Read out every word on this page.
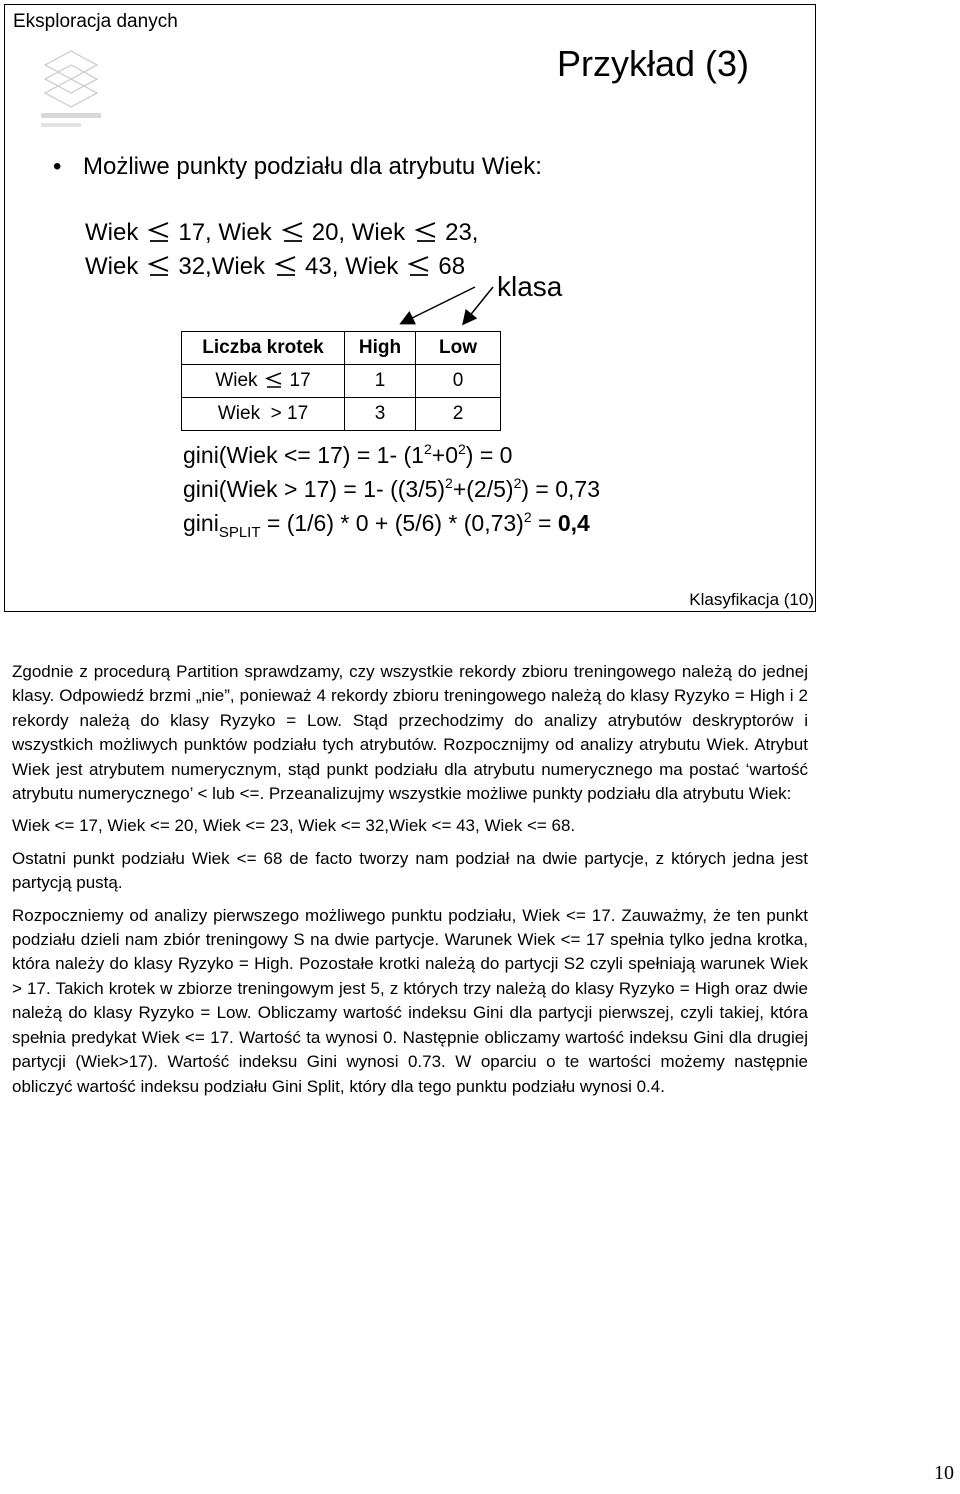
Eksploracja danych
Przykład (3)
• Możliwe punkty podziału dla atrybutu Wiek:
Wiek 17, Wiek 20, Wiek 23,
Wiek 32,Wiek 43, Wiek 68
klasa
Liczba krotek	High	Low
Wiek 17	1	0
Wiek  > 17	3	2
gini(Wiek <= 17) = 1- $(1^2+0^2) = 0$
gini(Wiek > 17) = 1- $((3/5)^2+(2/5)^2) = 0,73$
gini$_{SPLIT}$ = $(1/6) * 0 + (5/6) * (0,73)^2 = 0,4$
Klasyfikacja (10)

Zgodnie z procedurą Partition sprawdzamy, czy wszystkie rekordy zbioru treningowego należą do jednej klasy. Odpowiedź brzmi „nie”, ponieważ 4 rekordy zbioru treningowego należą do klasy Ryzyko = High i 2 rekordy należą do klasy Ryzyko = Low. Stąd przechodzimy do analizy atrybutów deskryptorów i wszystkich możliwych punktów podziału tych atrybutów. Rozpocznijmy od analizy atrybutu Wiek. Atrybut Wiek jest atrybutem numerycznym, stąd punkt podziału dla atrybutu numerycznego ma postać ‘wartość atrybutu numerycznego’ < lub <=. Przeanalizujmy wszystkie możliwe punkty podziału dla atrybutu Wiek:

Wiek <= 17, Wiek <= 20, Wiek <= 23, Wiek <= 32,Wiek <= 43, Wiek <= 68.

Ostatni punkt podziału Wiek <= 68 de facto tworzy nam podział na dwie partycje, z których jedna jest partycją pustą.

Rozpoczniemy od analizy pierwszego możliwego punktu podziału, Wiek <= 17. Zauważmy, że ten punkt podziału dzieli nam zbiór treningowy S na dwie partycje. Warunek Wiek <= 17 spełnia tylko jedna krotka, która należy do klasy Ryzyko = High. Pozostałe krotki należą do partycji S2 czyli spełniają warunek Wiek > 17. Takich krotek w zbiorze treningowym jest 5, z których trzy należą do klasy Ryzyko = High oraz dwie należą do klasy Ryzyko = Low. Obliczamy wartość indeksu Gini dla partycji pierwszej, czyli takiej, która spełnia predykat Wiek <= 17. Wartość ta wynosi 0. Następnie obliczamy wartość indeksu Gini dla drugiej partycji (Wiek>17). Wartość indeksu Gini wynosi 0.73. W oparciu o te wartości możemy następnie obliczyć wartość indeksu podziału Gini Split, który dla tego punktu podziału wynosi 0.4.

10
